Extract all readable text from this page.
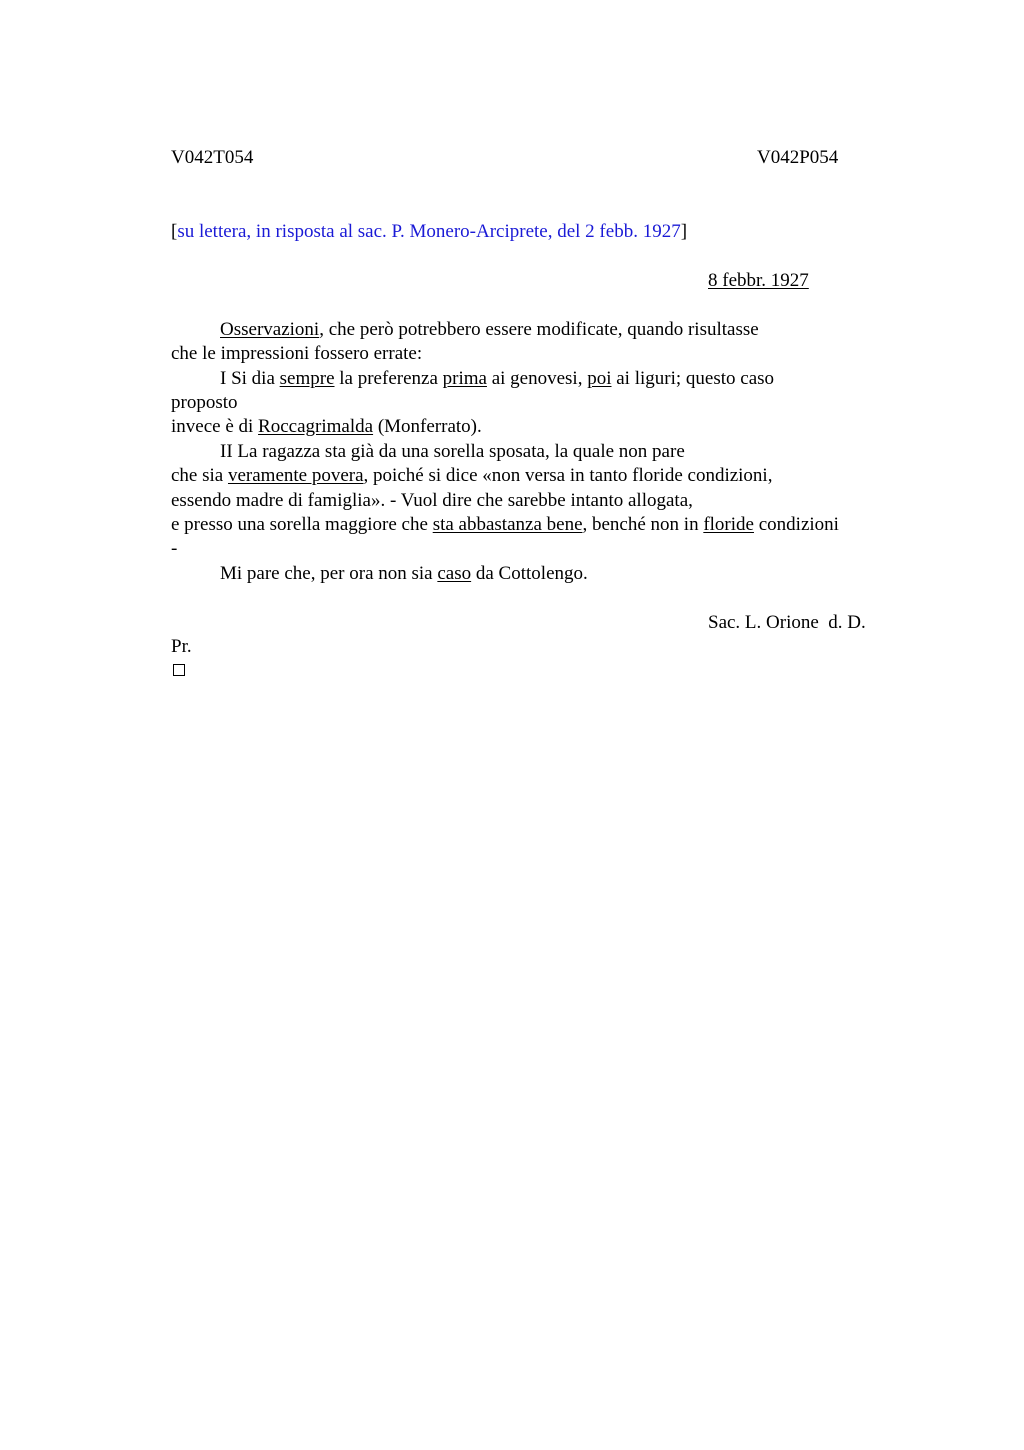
V042T054	V042P054
[su lettera, in risposta al sac. P. Monero-Arciprete, del 2 febb. 1927]
8 febbr. 1927
Osservazioni, che però potrebbero essere modificate, quando risultasse
che le impressioni fossero errate:
I Si dia sempre la preferenza prima ai genovesi, poi ai liguri; questo caso
proposto
invece è di Roccagrimalda (Monferrato).
II La ragazza sta già da una sorella sposata, la quale non pare
che sia veramente povera, poiché si dice «non versa in tanto floride condizioni,
essendo madre di famiglia». - Vuol dire che sarebbe intanto allogata,
e presso una sorella maggiore che sta abbastanza bene, benché non in floride condizioni
-
Mi pare che, per ora non sia caso da Cottolengo.
Sac. L. Orione  d. D.
Pr.
